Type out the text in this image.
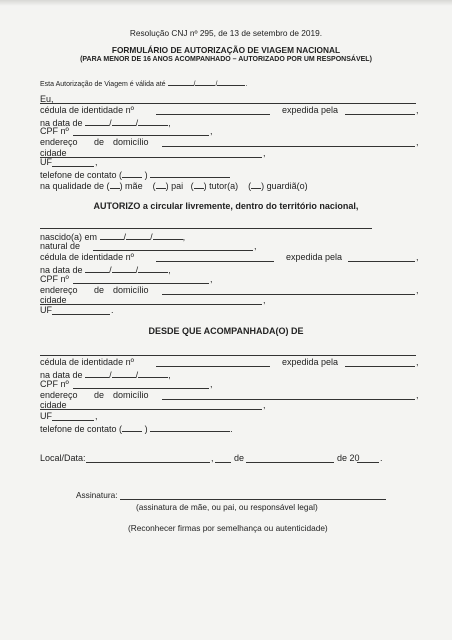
Resolução CNJ nº 295, de 13 de setembro de 2019.
FORMULÁRIO DE AUTORIZAÇÃO DE VIAGEM NACIONAL
(PARA MENOR DE 16 ANOS ACOMPANHADO – AUTORIZADO POR UM RESPONSÁVEL)
Esta Autorização de Viagem é válida até	/	/	.
Eu,
cédula de identidade nº	expedida pela	,
na data de	/	/	,
CPF nº	,
endereço de domicílio	,
cidade	,
UF	,
telefone de contato ( )
na qualidade de ( ) mãe    ( ) pai   ( ) tutor(a)    ( ) guardiã(o)
AUTORIZO a circular livremente, dentro do território nacional,
nascido(a) em	/	/	,
natural de	,
cédula de identidade nº	expedida pela	,
na data de	/	/	,
CPF nº	,
endereço de domicílio	,
cidade	,
UF	.
DESDE QUE ACOMPANHADA(O) DE
cédula de identidade nº	expedida pela	,
na data de	/	/	,
CPF nº	,
endereço de domicílio	,
cidade	,
UF	,
telefone de contato ( )	.
Local/Data:	, de	de 20 .
Assinatura:
(assinatura de mãe, ou pai, ou responsável legal)
(Reconhecer firmas por semelhança ou autenticidade)
